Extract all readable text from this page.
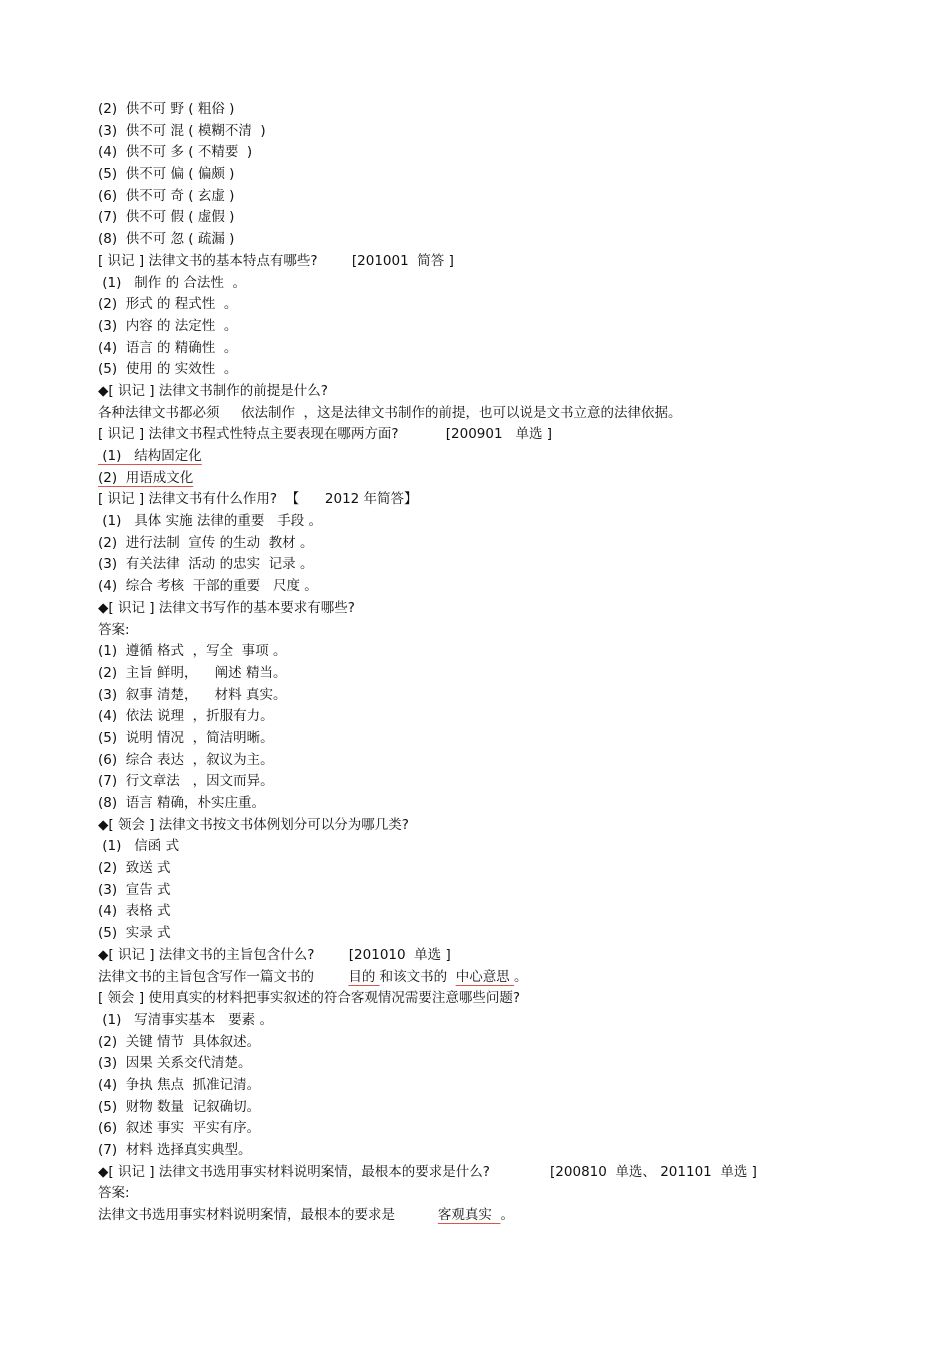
(2)  供不可 野 ( 粗俗 )
(3)  供不可 混 ( 模糊不清  )
(4)  供不可 多 ( 不精要  )
(5)  供不可 偏 ( 偏颇 )
(6)  供不可 奇 ( 玄虚 )
(7)  供不可 假 ( 虚假 )
(8)  供不可 忽 ( 疏漏 )
[ 识记 ] 法律文书的基本特点有哪些?        [201001  简答 ]
(1)   制作 的 合法性  。
(2)  形式 的 程式性  。
(3)  内容 的 法定性  。
(4)  语言 的 精确性  。
(5)  使用 的 实效性  。
◆[ 识记 ] 法律文书制作的前提是什么?
各种法律文书都必须     依法制作  ，这是法律文书制作的前提，也可以说是文书立意的法律依据。
[ 识记 ] 法律文书程式性特点主要表现在哪两方面?           [200901   单选 ]
(1)   结构固定化
(2)  用语成文化
[ 识记 ] 法律文书有什么作用?  【      2012 年简答】
(1)   具体 实施 法律的重要   手段 。
(2)  进行法制  宣传 的生动  教材 。
(3)  有关法律  活动 的忠实  记录 。
(4)  综合 考核  干部的重要   尺度 。
◆[ 识记 ] 法律文书写作的基本要求有哪些?
答案:
(1)  遵循 格式  ，写全  事项 。
(2)  主旨 鲜明，    阐述 精当。
(3)  叙事 清楚，    材料 真实。
(4)  依法 说理  ，折服有力。
(5)  说明 情况  ，简洁明晰。
(6)  综合 表达  ，叙议为主。
(7)  行文章法   ，因文而异。
(8)  语言 精确，朴实庄重。
◆[ 领会 ] 法律文书按文书体例划分可以分为哪几类?
(1)   信函 式
(2)  致送 式
(3)  宣告 式
(4)  表格 式
(5)  实录 式
◆[ 识记 ] 法律文书的主旨包含什么?        [201010  单选 ]
法律文书的主旨包含写作一篇文书的        目的 和该文书的  中心意思 。
[ 领会 ] 使用真实的材料把事实叙述的符合客观情况需要注意哪些问题?
(1)   写清事实基本   要素 。
(2)  关键 情节  具体叙述。
(3)  因果 关系交代清楚。
(4)  争执 焦点  抓准记清。
(5)  财物 数量  记叙确切。
(6)  叙述 事实  平实有序。
(7)  材料 选择真实典型。
◆[ 识记 ] 法律文书选用事实材料说明案情，最根本的要求是什么?              [200810  单选、 201101  单选 ]
答案:
法律文书选用事实材料说明案情，最根本的要求是          客观真实  。
